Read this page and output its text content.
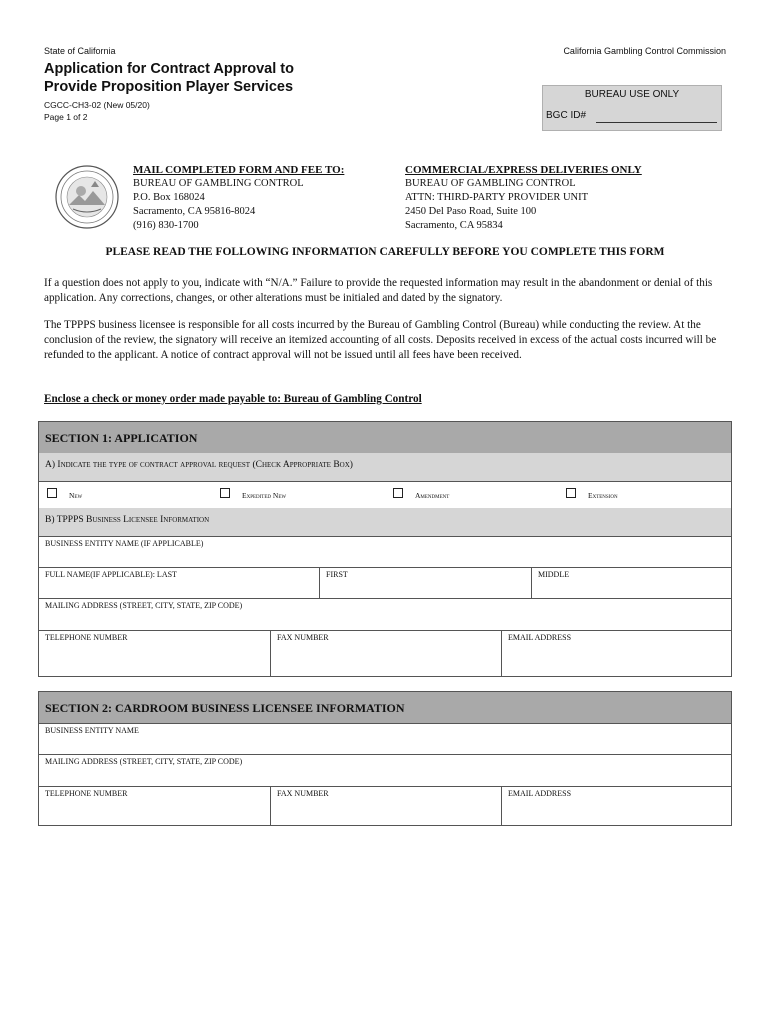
State of California	California Gambling Control Commission
Application for Contract Approval to
Provide Proposition Player Services
CGCC-CH3-02 (New 05/20)
Page 1 of 2
BUREAU USE ONLY
BGC ID#
MAIL COMPLETED FORM AND FEE TO:
BUREAU OF GAMBLING CONTROL
P.O. Box 168024
Sacramento, CA 95816-8024
(916) 830-1700
COMMERCIAL/EXPRESS DELIVERIES ONLY
BUREAU OF GAMBLING CONTROL
ATTN: THIRD-PARTY PROVIDER UNIT
2450 Del Paso Road, Suite 100
Sacramento, CA 95834
PLEASE READ THE FOLLOWING INFORMATION CAREFULLY BEFORE YOU COMPLETE THIS FORM
If a question does not apply to you, indicate with “N/A.” Failure to provide the requested information may result in the abandonment or denial of this application. Any corrections, changes, or other alterations must be initialed and dated by the signatory.
The TPPPS business licensee is responsible for all costs incurred by the Bureau of Gambling Control (Bureau) while conducting the review. At the conclusion of the review, the signatory will receive an itemized accounting of all costs. Deposits received in excess of the actual costs incurred will be refunded to the applicant. A notice of contract approval will not be issued until all fees have been received.
Enclose a check or money order made payable to: Bureau of Gambling Control
SECTION 1: APPLICATION
A) Indicate the type of contract approval request (Check Appropriate Box)
New	Expedited New	Amendment	Extension
B) TPPPS Business Licensee Information
BUSINESS ENTITY NAME (IF APPLICABLE)
FULL NAME(IF APPLICABLE): LAST	FIRST	MIDDLE
MAILING ADDRESS (STREET, CITY, STATE, ZIP CODE)
TELEPHONE NUMBER	FAX NUMBER	EMAIL ADDRESS
SECTION 2: CARDROOM BUSINESS LICENSEE INFORMATION
BUSINESS ENTITY NAME
MAILING ADDRESS (STREET, CITY, STATE, ZIP CODE)
TELEPHONE NUMBER	FAX NUMBER	EMAIL ADDRESS
